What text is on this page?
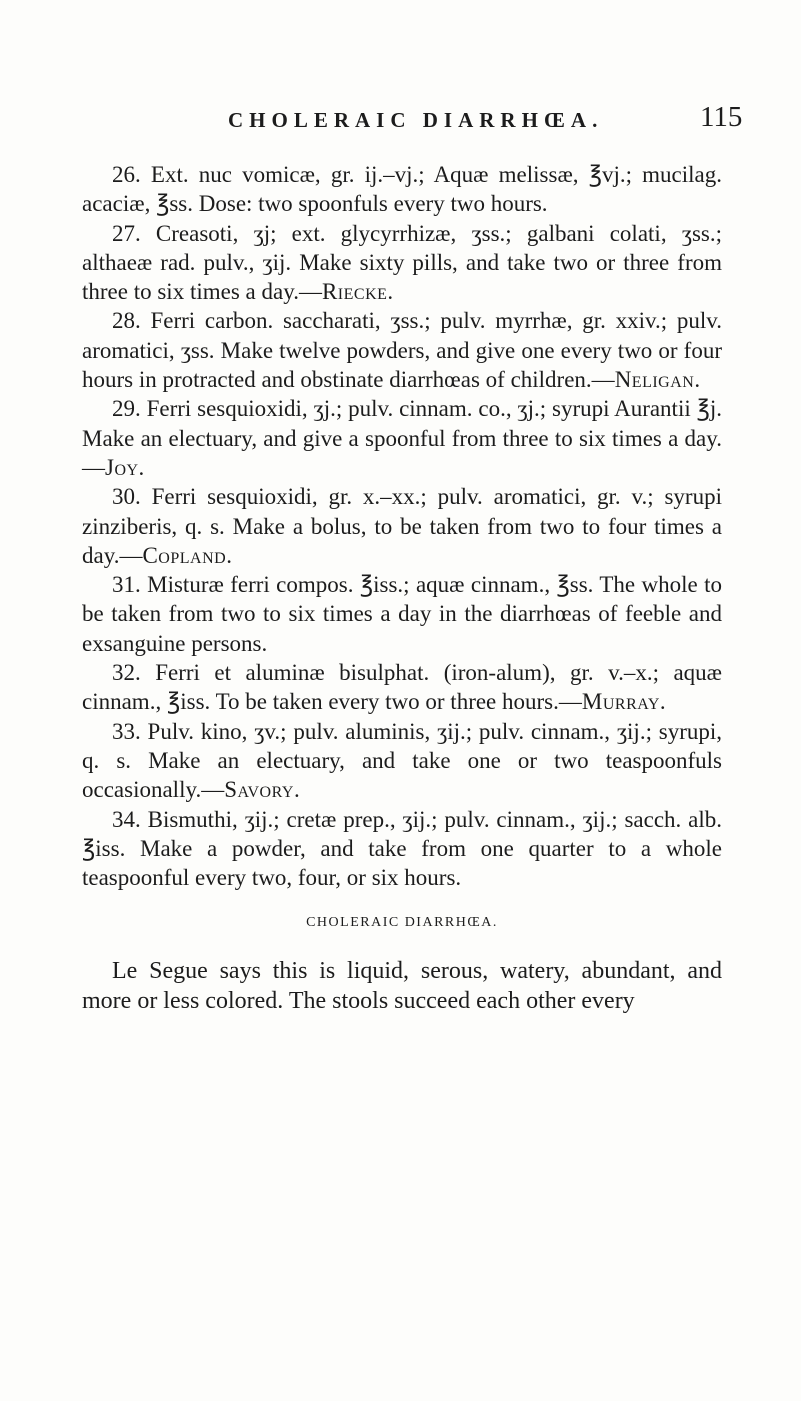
CHOLERAIC DIARRHŒA.	115

26. Ext. nuc vomicæ, gr. ij.–vj.; Aquæ melissæ, ℥vj.; mucilag. acaciæ, ℥ss. Dose: two spoonfuls every two hours.

27. Creasoti, ʒj; ext. glycyrrhizæ, ʒss.; galbani colati, ʒss.; althaeæ rad. pulv., ʒij. Make sixty pills, and take two or three from three to six times a day.—Riecke.

28. Ferri carbon. saccharati, ʒss.; pulv. myrrhæ, gr. xxiv.; pulv. aromatici, ʒss. Make twelve powders, and give one every two or four hours in protracted and obstinate diarrhœas of children.—Neligan.

29. Ferri sesquioxidi, ʒj.; pulv. cinnam. co., ʒj.; syrupi Aurantii ℥j. Make an electuary, and give a spoonful from three to six times a day.—Joy.

30. Ferri sesquioxidi, gr. x.–xx.; pulv. aromatici, gr. v.; syrupi zinziberis, q. s. Make a bolus, to be taken from two to four times a day.—Copland.

31. Misturæ ferri compos. ℥iss.; aquæ cinnam., ℥ss. The whole to be taken from two to six times a day in the diarrhœas of feeble and exsanguine persons.

32. Ferri et aluminæ bisulphat. (iron-alum), gr. v.–x.; aquæ cinnam., ℥iss. To be taken every two or three hours.—Murray.

33. Pulv. kino, ʒv.; pulv. aluminis, ʒij.; pulv. cinnam., ʒij.; syrupi, q. s. Make an electuary, and take one or two teaspoonfuls occasionally.—Savory.

34. Bismuthi, ʒij.; cretæ prep., ʒij.; pulv. cinnam., ʒij.; sacch. alb. ℥iss. Make a powder, and take from one quarter to a whole teaspoonful every two, four, or six hours.

CHOLERAIC DIARRHŒA.

Le Segue says this is liquid, serous, watery, abundant, and more or less colored. The stools succeed each other every
